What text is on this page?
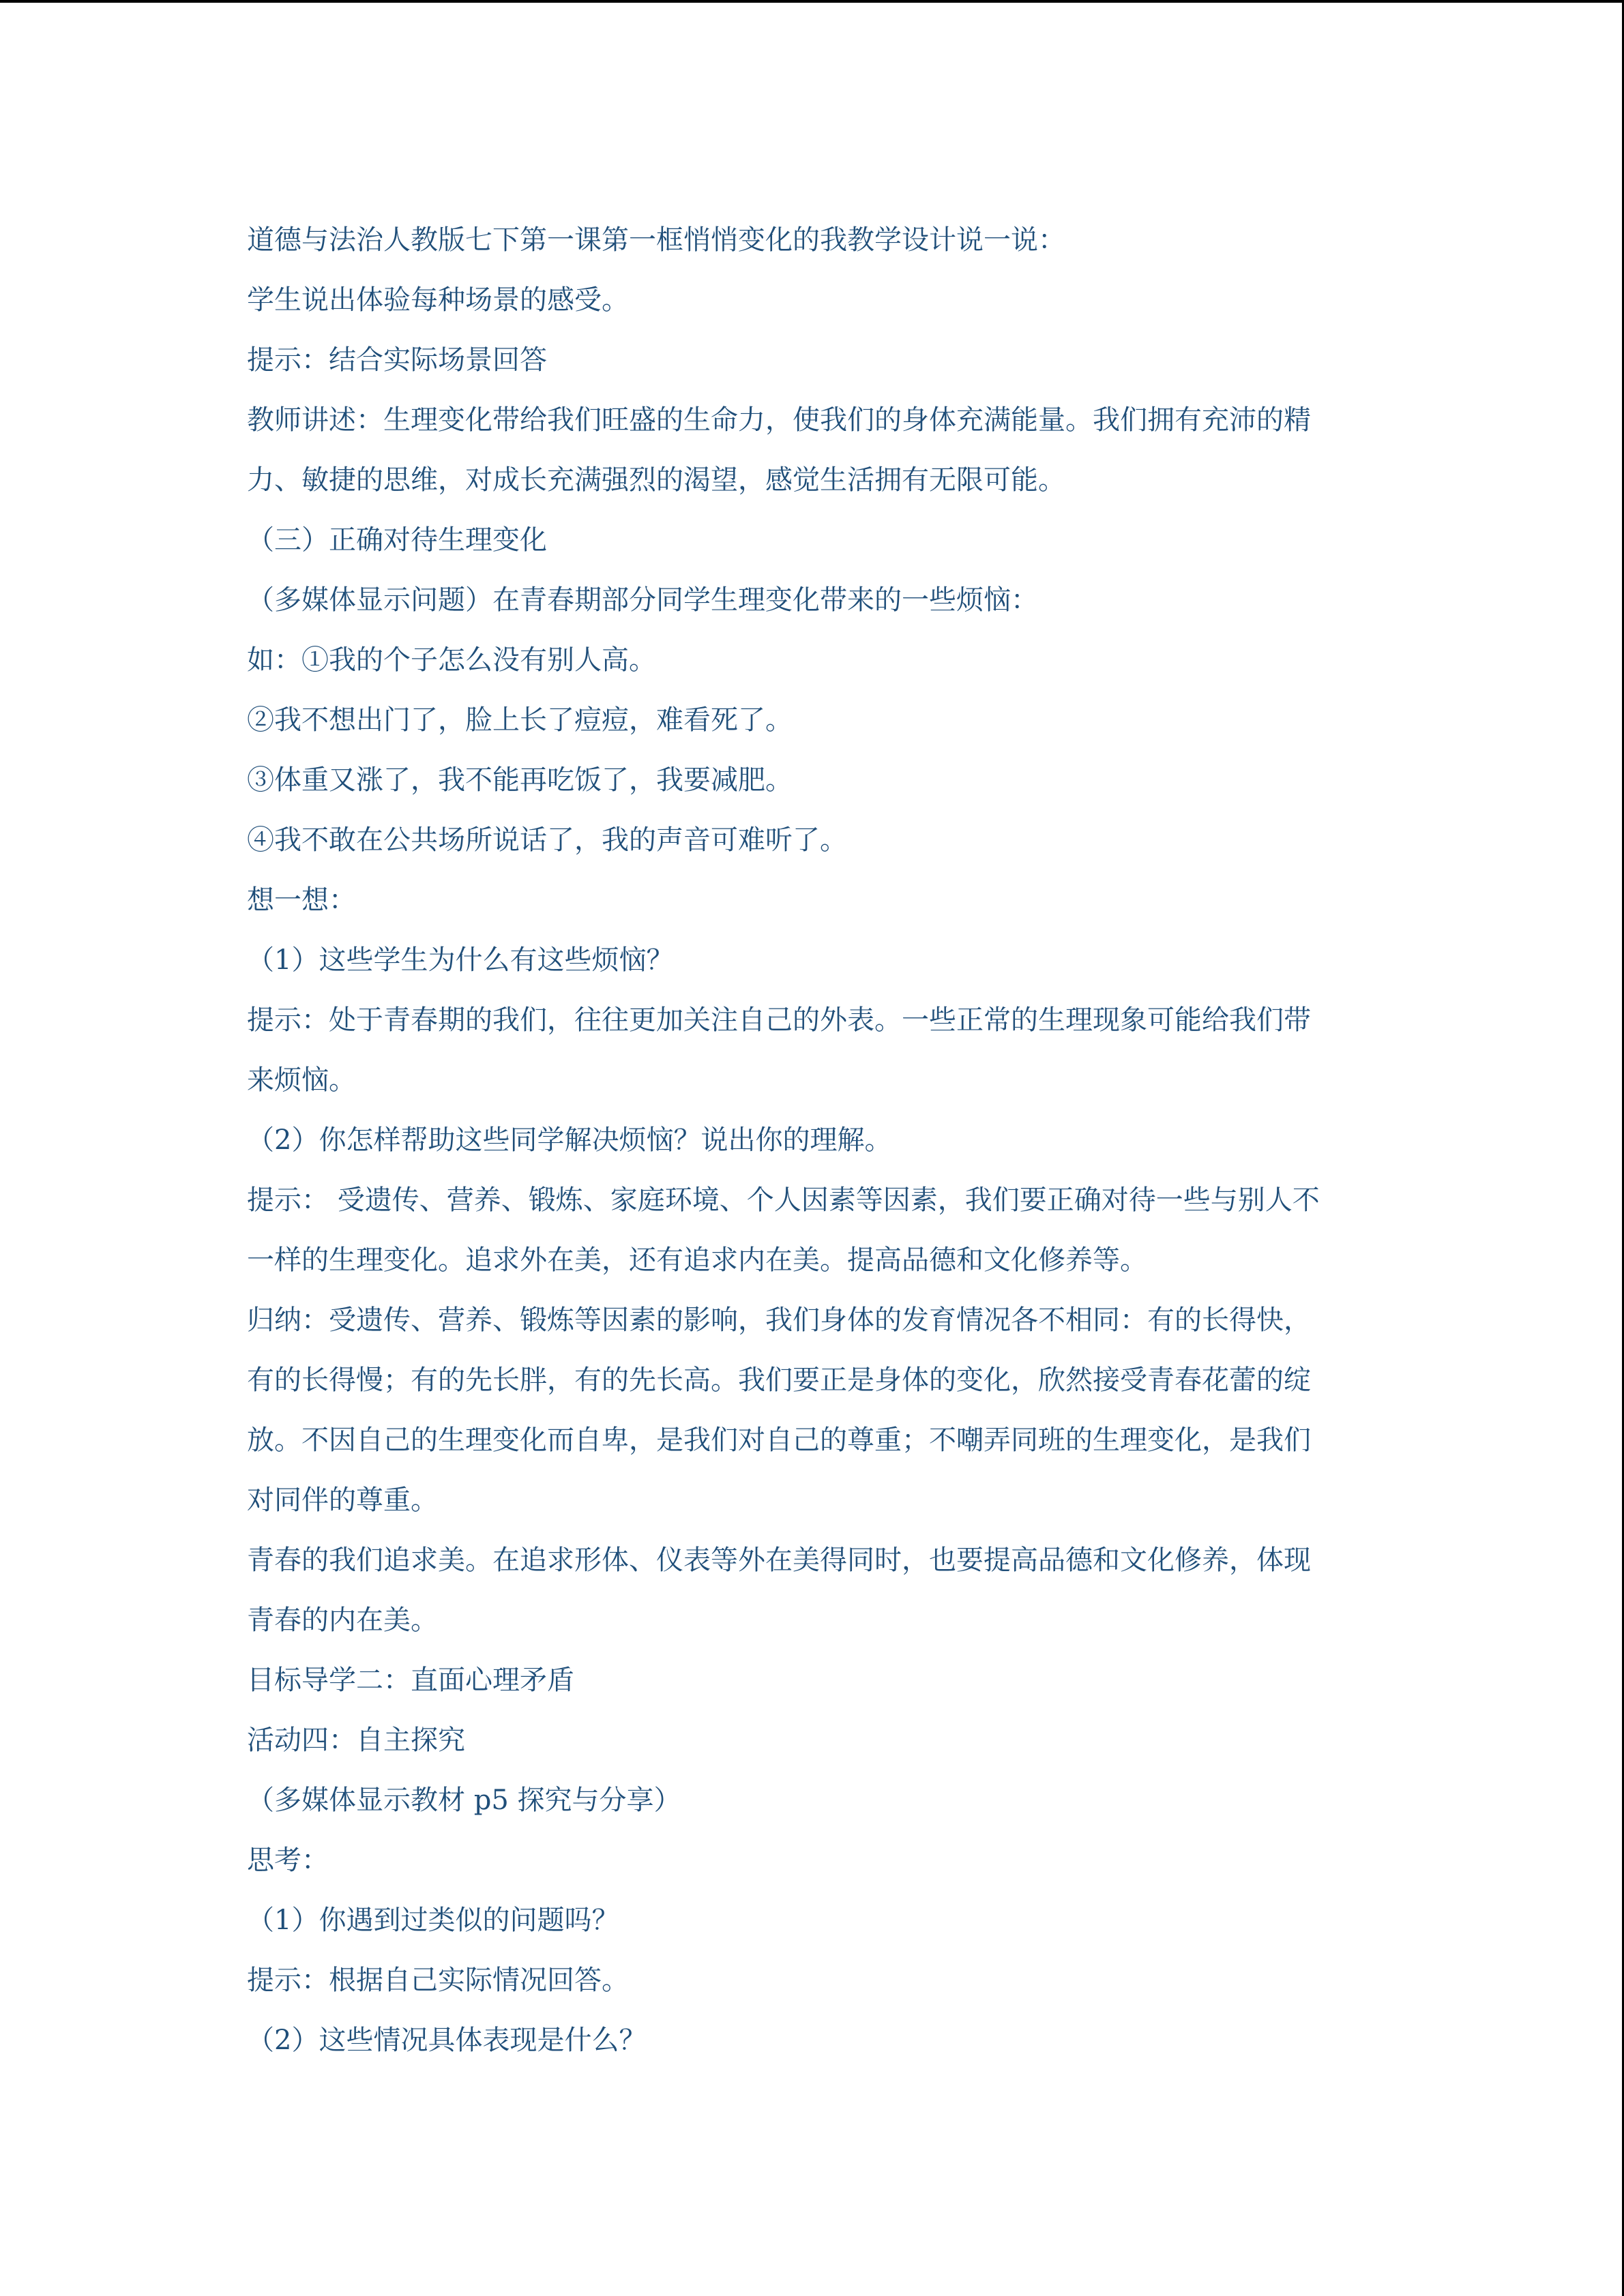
道德与法治人教版七下第一课第一框悄悄变化的我教学设计说一说：
学生说出体验每种场景的感受。
提示：结合实际场景回答
教师讲述：生理变化带给我们旺盛的生命力，使我们的身体充满能量。我们拥有充沛的精
力、敏捷的思维，对成长充满强烈的渴望，感觉生活拥有无限可能。
（三）正确对待生理变化
（多媒体显示问题）在青春期部分同学生理变化带来的一些烦恼：
如：①我的个子怎么没有别人高。
②我不想出门了，脸上长了痘痘，难看死了。
③体重又涨了，我不能再吃饭了，我要减肥。
④我不敢在公共场所说话了，我的声音可难听了。
想一想：
（1）这些学生为什么有这些烦恼？
提示：处于青春期的我们，往往更加关注自己的外表。一些正常的生理现象可能给我们带
来烦恼。
（2）你怎样帮助这些同学解决烦恼？说出你的理解。
提示： 受遗传、营养、锻炼、家庭环境、个人因素等因素，我们要正确对待一些与别人不
一样的生理变化。追求外在美，还有追求内在美。提高品德和文化修养等。
归纳：受遗传、营养、锻炼等因素的影响，我们身体的发育情况各不相同：有的长得快，
有的长得慢；有的先长胖，有的先长高。我们要正是身体的变化，欣然接受青春花蕾的绽
放。不因自己的生理变化而自卑，是我们对自己的尊重；不嘲弄同班的生理变化，是我们
对同伴的尊重。
青春的我们追求美。在追求形体、仪表等外在美得同时，也要提高品德和文化修养，体现
青春的内在美。
目标导学二：直面心理矛盾
活动四：自主探究
（多媒体显示教材 p5 探究与分享）
思考：
（1）你遇到过类似的问题吗？
提示：根据自己实际情况回答。
（2）这些情况具体表现是什么？
